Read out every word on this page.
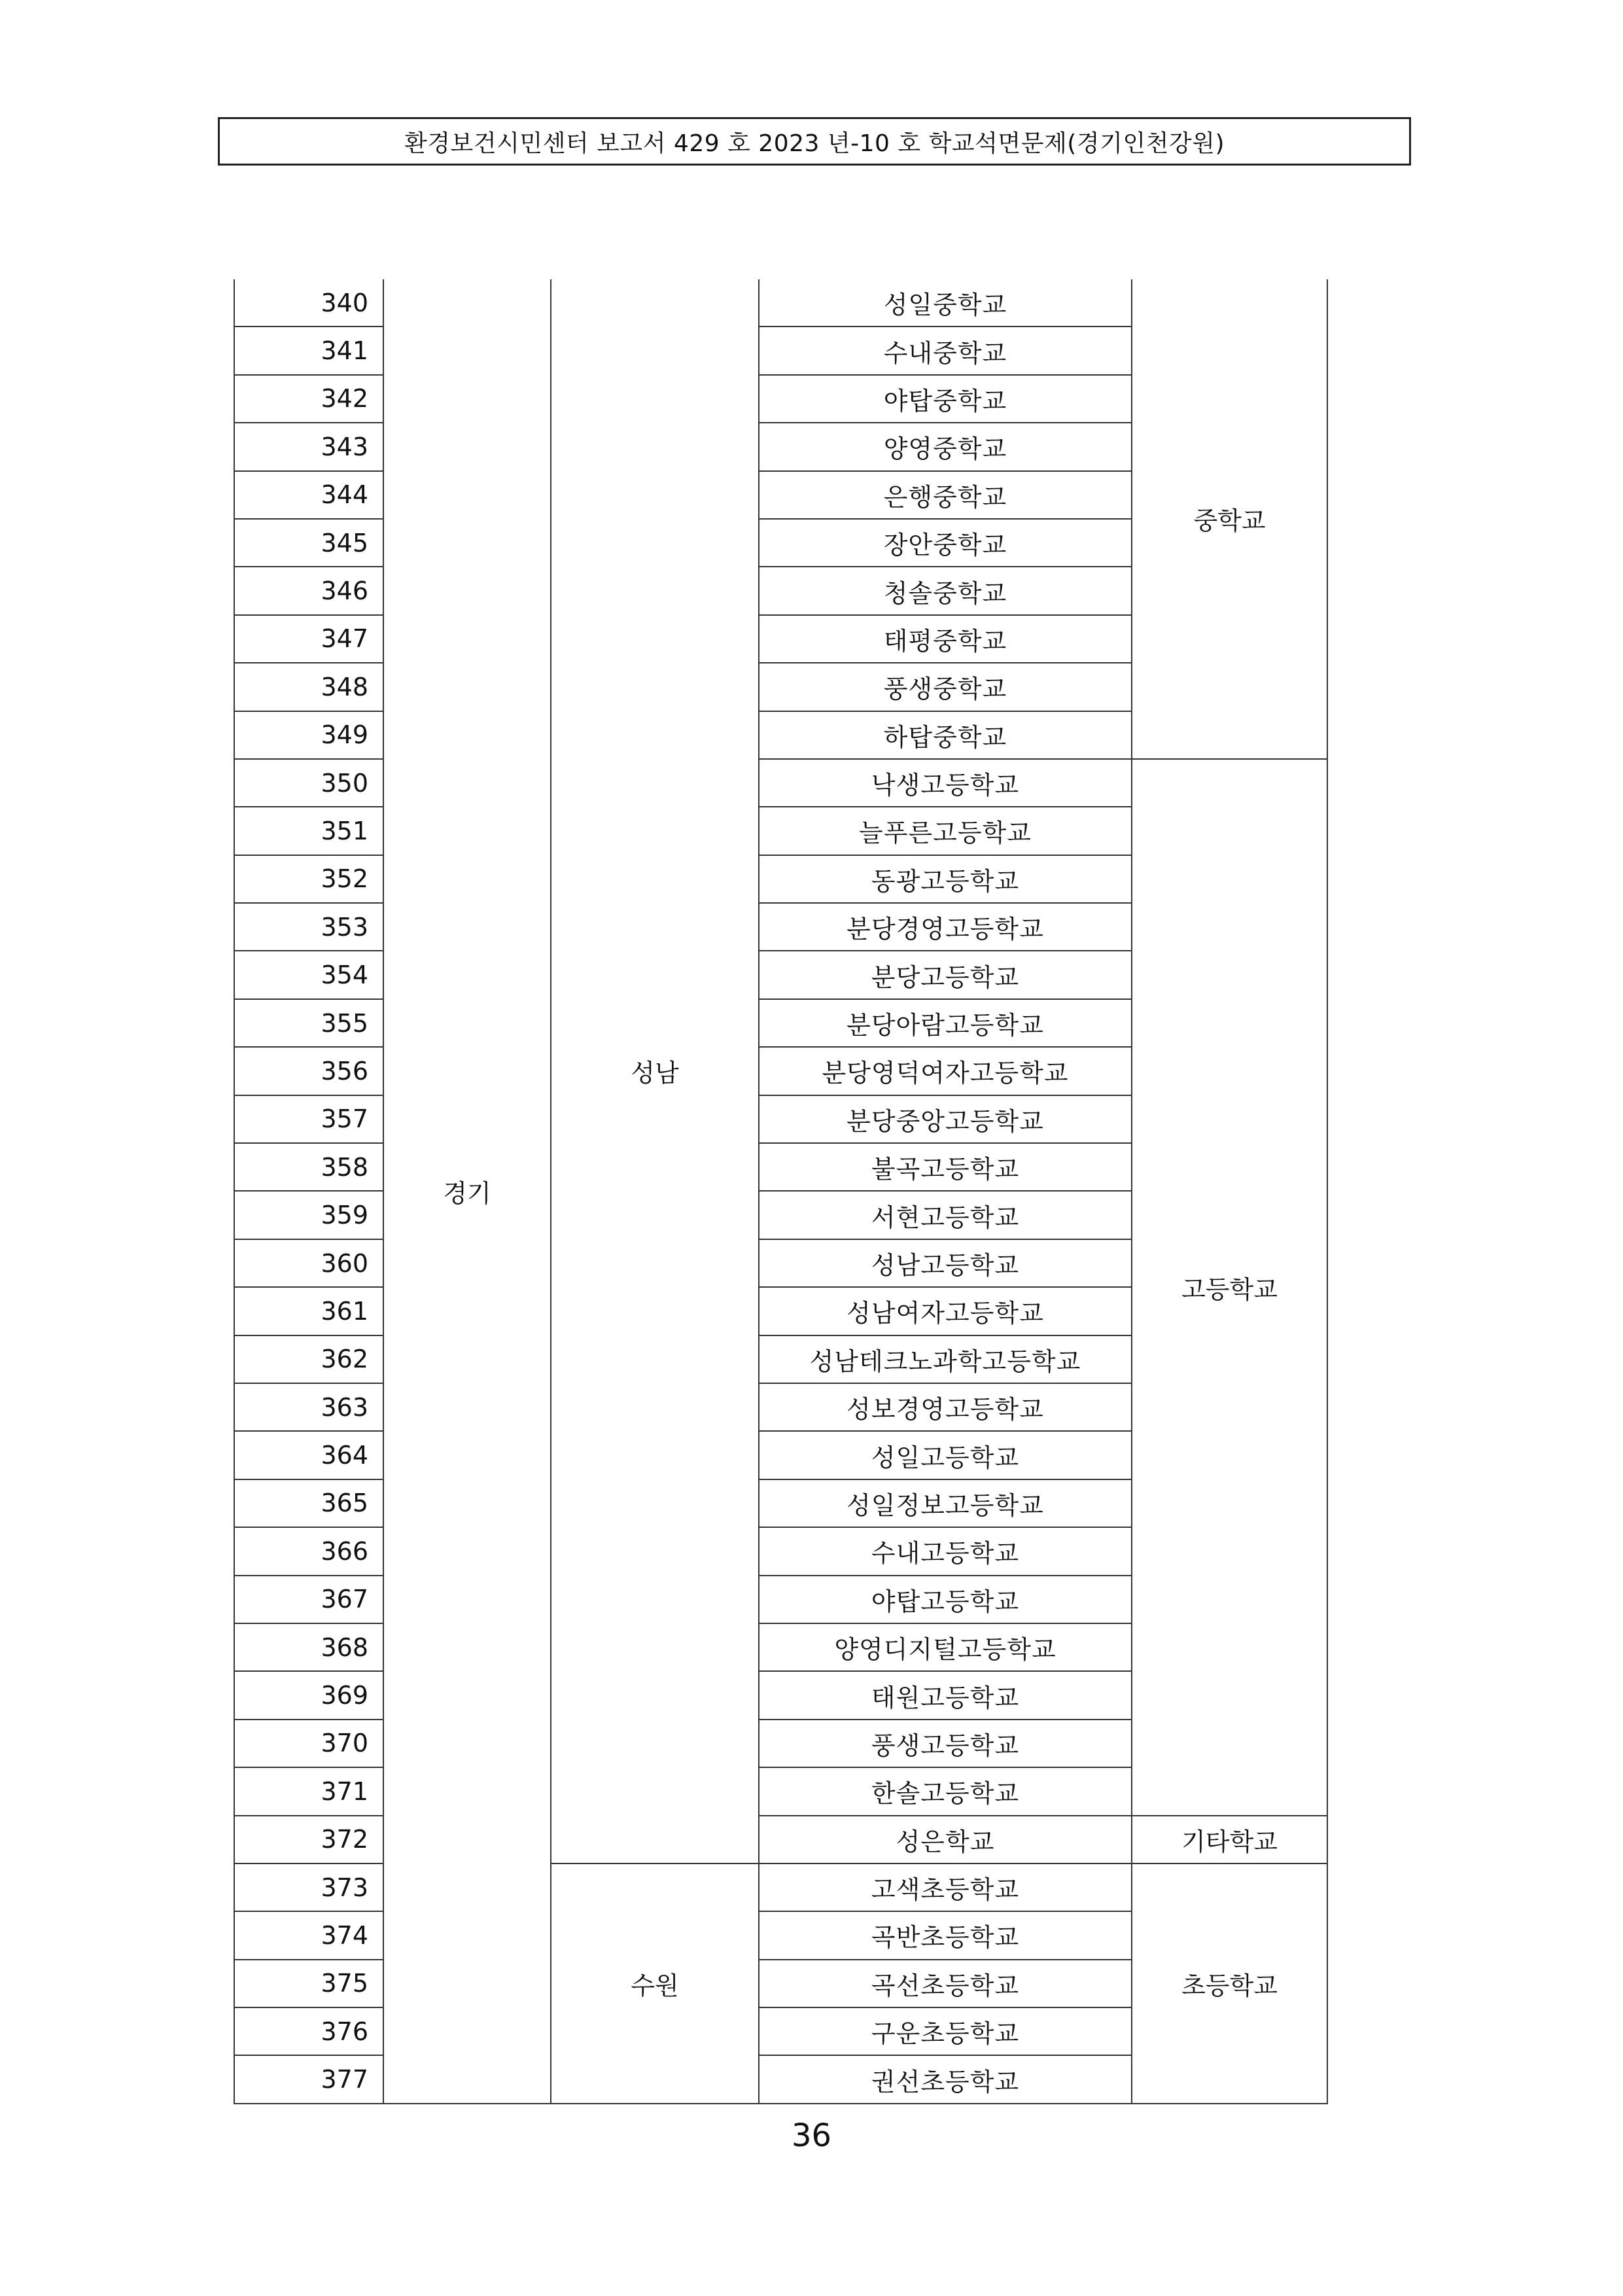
환경보건시민센터 보고서 429 호 2023 년-10 호 학교석면문제(경기인천강원)
340	경기	성남	성일중학교	중학교
341			수내중학교	
342			야탑중학교	
343			양영중학교	
344			은행중학교	
345			장안중학교	
346			청솔중학교	
347			태평중학교	
348			풍생중학교	
349			하탑중학교	
350			낙생고등학교	고등학교
351			늘푸른고등학교	
352			동광고등학교	
353			분당경영고등학교	
354			분당고등학교	
355			분당아람고등학교	
356			분당영덕여자고등학교	
357			분당중앙고등학교	
358			불곡고등학교	
359			서현고등학교	
360			성남고등학교	
361			성남여자고등학교	
362			성남테크노과학고등학교	
363			성보경영고등학교	
364			성일고등학교	
365			성일정보고등학교	
366			수내고등학교	
367			야탑고등학교	
368			양영디지털고등학교	
369			태원고등학교	
370			풍생고등학교	
371			한솔고등학교	
372			성은학교	기타학교
373		수원	고색초등학교	초등학교
374			곡반초등학교	
375			곡선초등학교	
376			구운초등학교	
377			권선초등학교	
36
